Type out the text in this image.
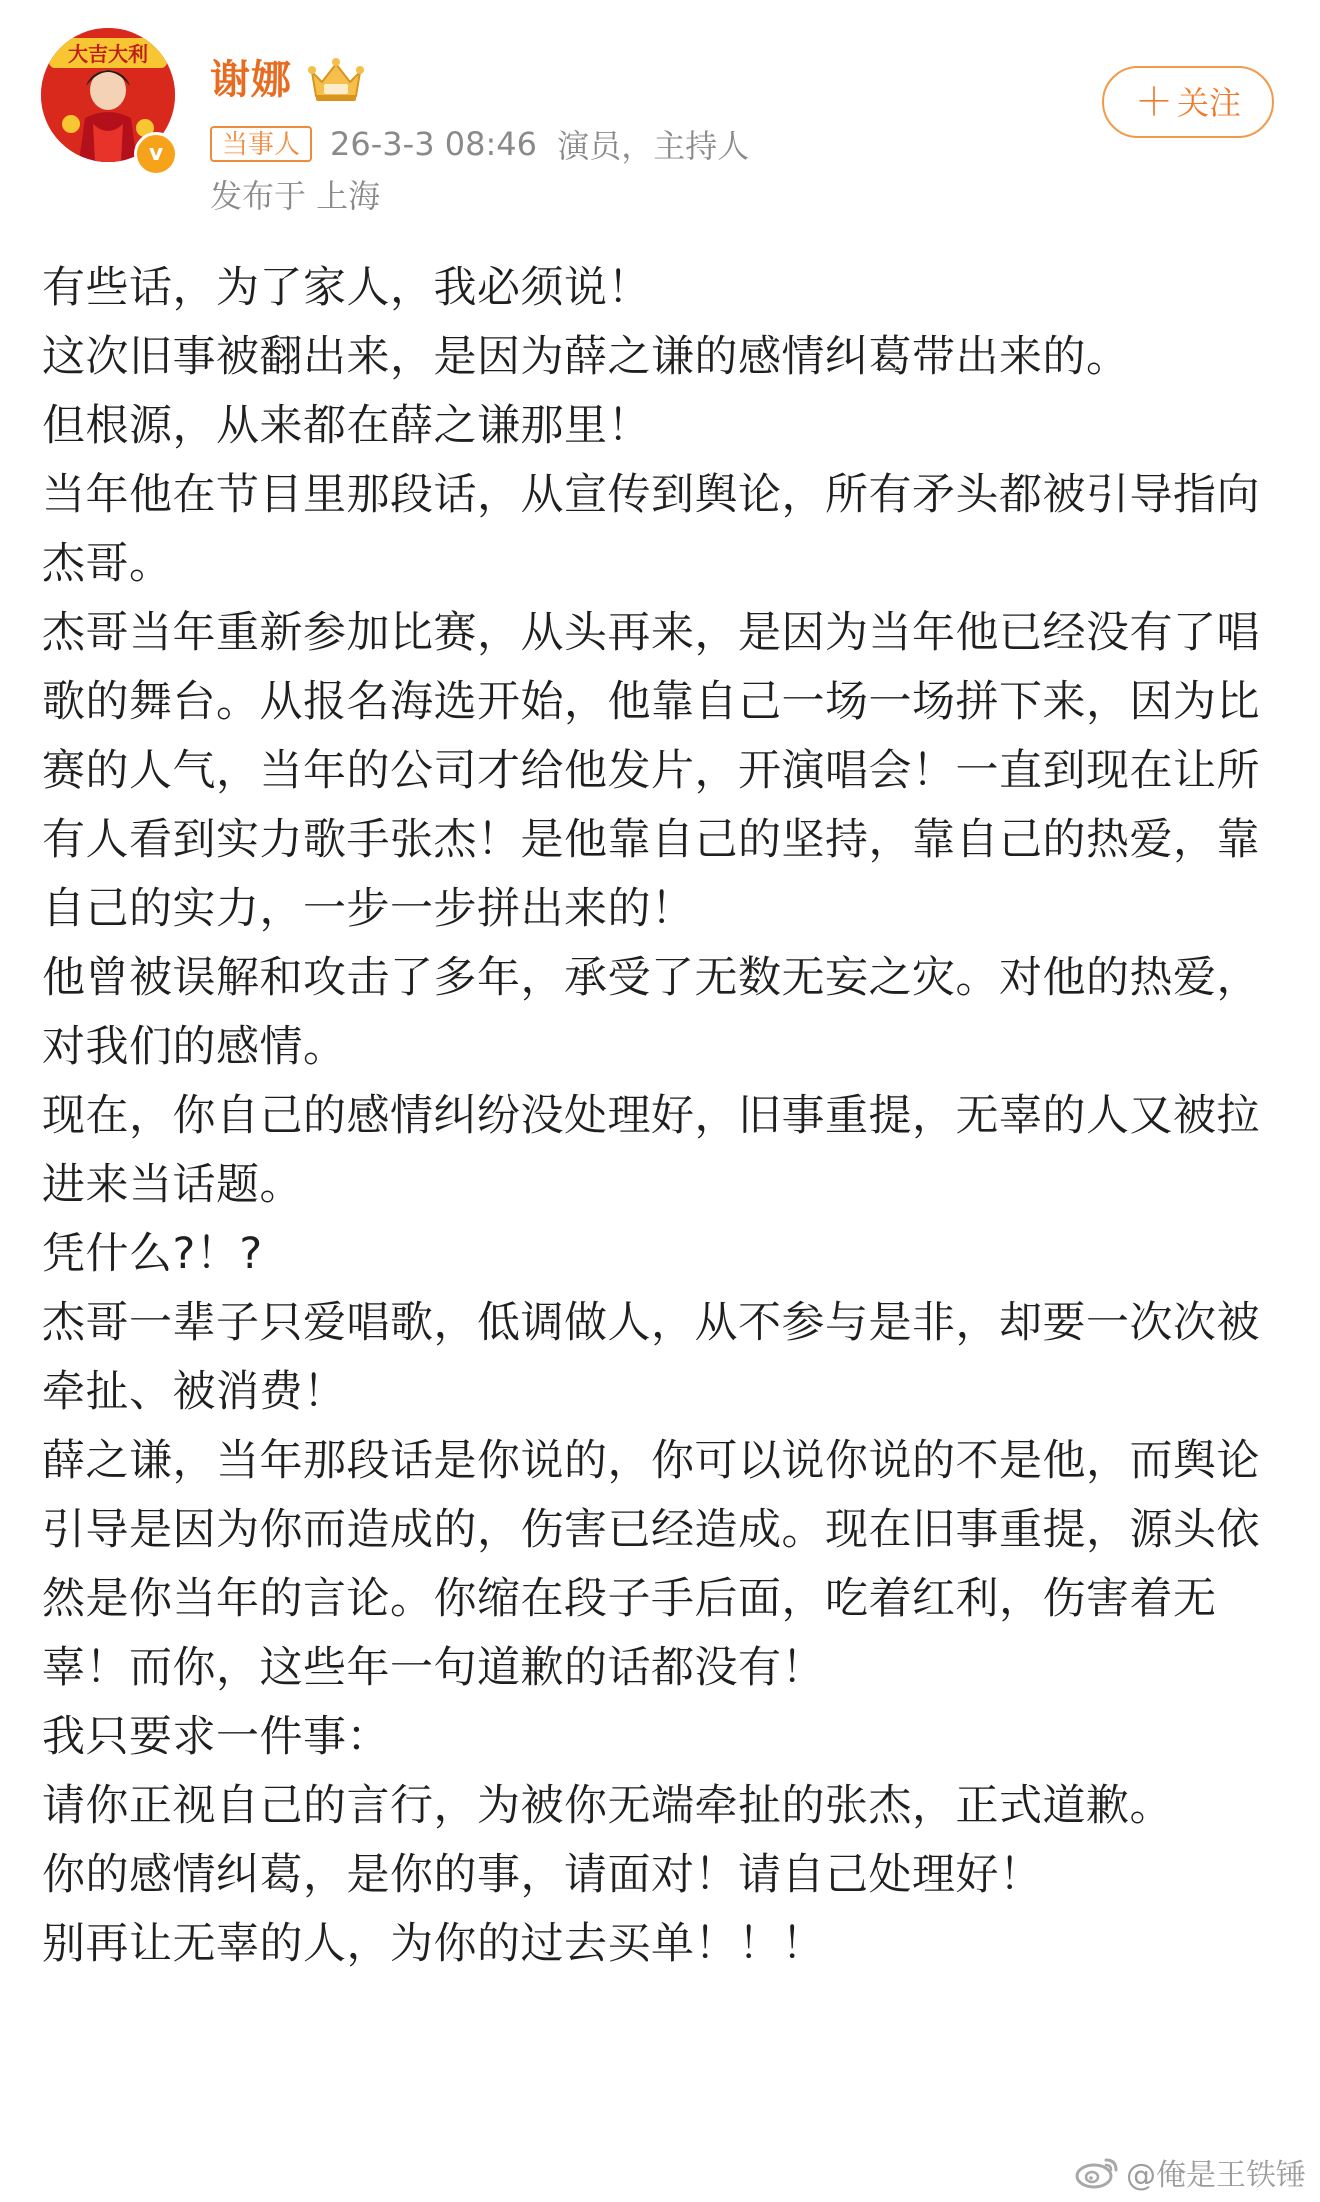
大吉大利
v
谢娜
当事人 26-3-3 08:46
演员，主持人
发布于 上海
＋ 关注

有些话，为了家人，我必须说！

这次旧事被翻出来，是因为薛之谦的感情纠葛带出来的。

但根源，从来都在薛之谦那里！

当年他在节目里那段话，从宣传到舆论，所有矛头都被引导指向杰哥。

杰哥当年重新参加比赛，从头再来，是因为当年他已经没有了唱歌的舞台。从报名海选开始，他靠自己一场一场拼下来，因为比赛的人气，当年的公司才给他发片，开演唱会！一直到现在让所有人看到实力歌手张杰！是他靠自己的坚持，靠自己的热爱，靠自己的实力，一步一步拼出来的！

他曾被误解和攻击了多年，承受了无数无妄之灾。对他的热爱，对我们的感情。

现在，你自己的感情纠纷没处理好，旧事重提，无辜的人又被拉进来当话题。

凭什么?！?

杰哥一辈子只爱唱歌，低调做人，从不参与是非，却要一次次被牵扯、被消费！

薛之谦，当年那段话是你说的，你可以说你说的不是他，而舆论引导是因为你而造成的，伤害已经造成。现在旧事重提，源头依然是你当年的言论。你缩在段子手后面，吃着红利，伤害着无辜！而你，这些年一句道歉的话都没有！

我只要求一件事：

请你正视自己的言行，为被你无端牵扯的张杰，正式道歉。

你的感情纠葛，是你的事，请面对！请自己处理好！

别再让无辜的人，为你的过去买单！！！

@俺是王铁锤
